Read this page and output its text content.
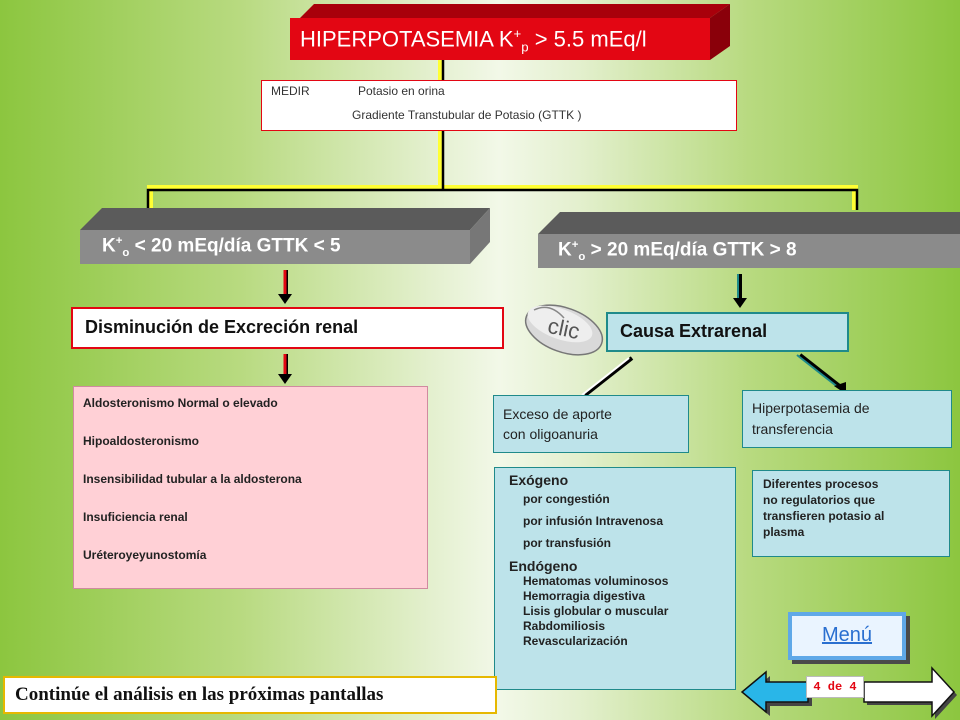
HIPERPOTASEMIA $K^+_p > 5.5$ mEq/l
MEDIR	Potasio en orina
Gradiente Transtubular de Potasio (GTTK )
$K^+_o < 20$ mEq/día GTTK < 5	$K^+_o > 20$ mEq/día GTTK > 8
Disminución de Excreción renal	clic	Causa Extrarenal
Aldosteronismo Normal o elevado
Hipoaldosteronismo
Insensibilidad tubular a la aldosterona
Insuficiencia renal
Uréteroyeyunostomía
Exceso de aporte
con oligoanuria
Hiperpotasemia de
transferencia
Exógeno
por congestión
por infusión Intravenosa
por transfusión
Endógeno
Hematomas voluminosos
Hemorragia digestiva
Lisis globular o muscular
Rabdomiliosis
Revascularización
Diferentes procesos
no regulatorios que
transfieren potasio al
plasma
Menú
4 de 4
Continúe el análisis en las próximas pantallas
